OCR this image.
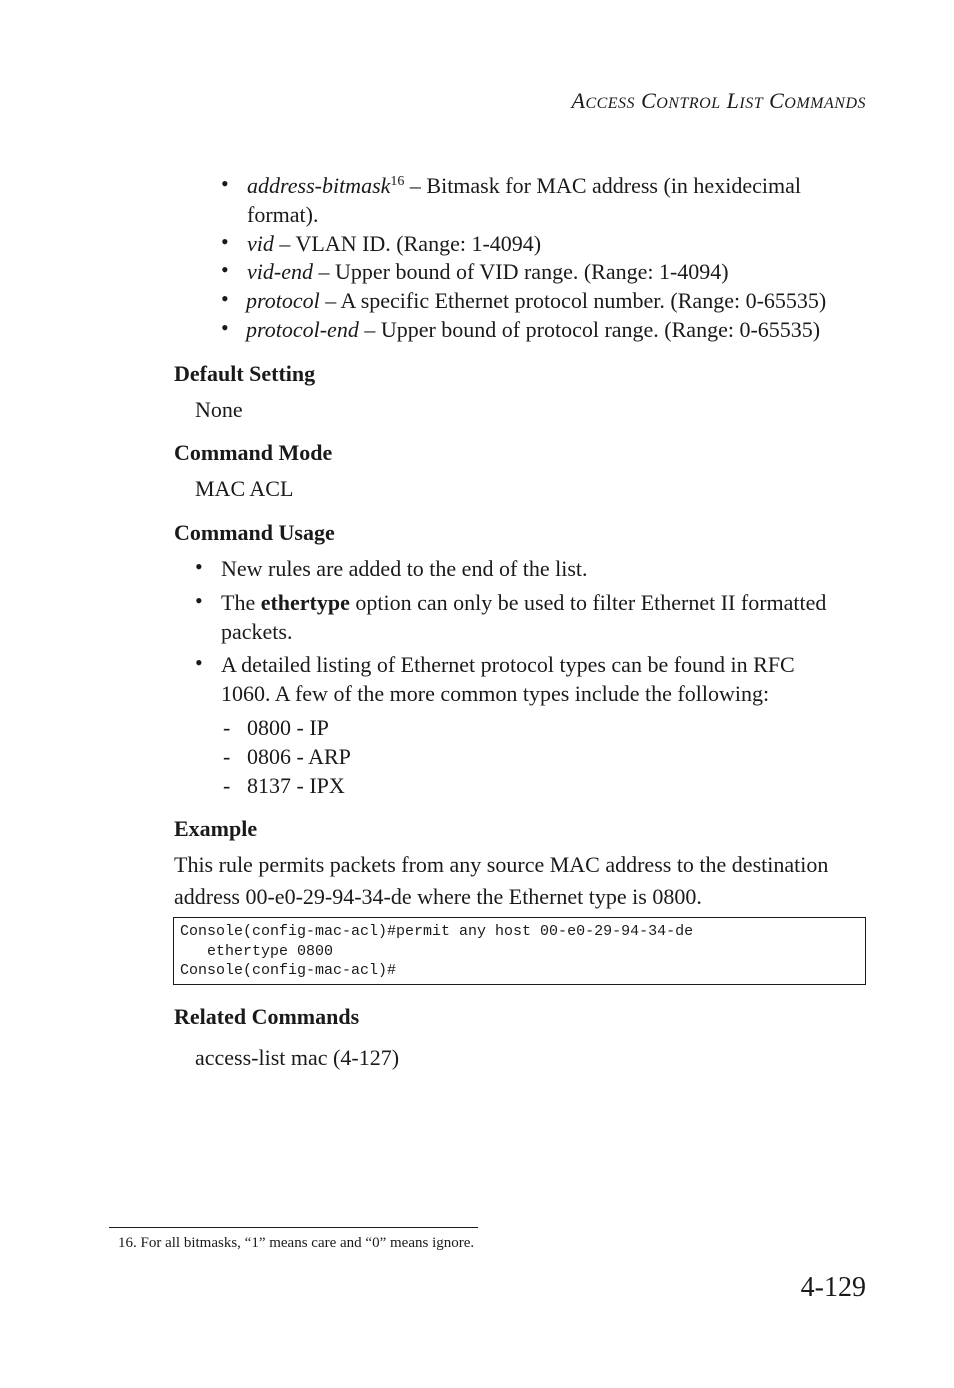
ACCESS CONTROL LIST COMMANDS
• address-bitmask$^{16}$ – Bitmask for MAC address (in hexidecimal
format).
• vid – VLAN ID. (Range: 1-4094)
• vid-end – Upper bound of VID range. (Range: 1-4094)
• protocol – A specific Ethernet protocol number. (Range: 0-65535)
• protocol-end – Upper bound of protocol range. (Range: 0-65535)
Default Setting
None
Command Mode
MAC ACL
Command Usage
• New rules are added to the end of the list.
• The ethertype option can only be used to filter Ethernet II formatted
packets.
• A detailed listing of Ethernet protocol types can be found in RFC
1060. A few of the more common types include the following:
- 0800 - IP
- 0806 - ARP
- 8137 - IPX
Example
This rule permits packets from any source MAC address to the destination
address 00-e0-29-94-34-de where the Ethernet type is 0800.
Console(config-mac-acl)#permit any host 00-e0-29-94-34-de
ethertype 0800
Console(config-mac-acl)#
Related Commands
access-list mac (4-127)
16. For all bitmasks, “1” means care and “0” means ignore.
4-129
